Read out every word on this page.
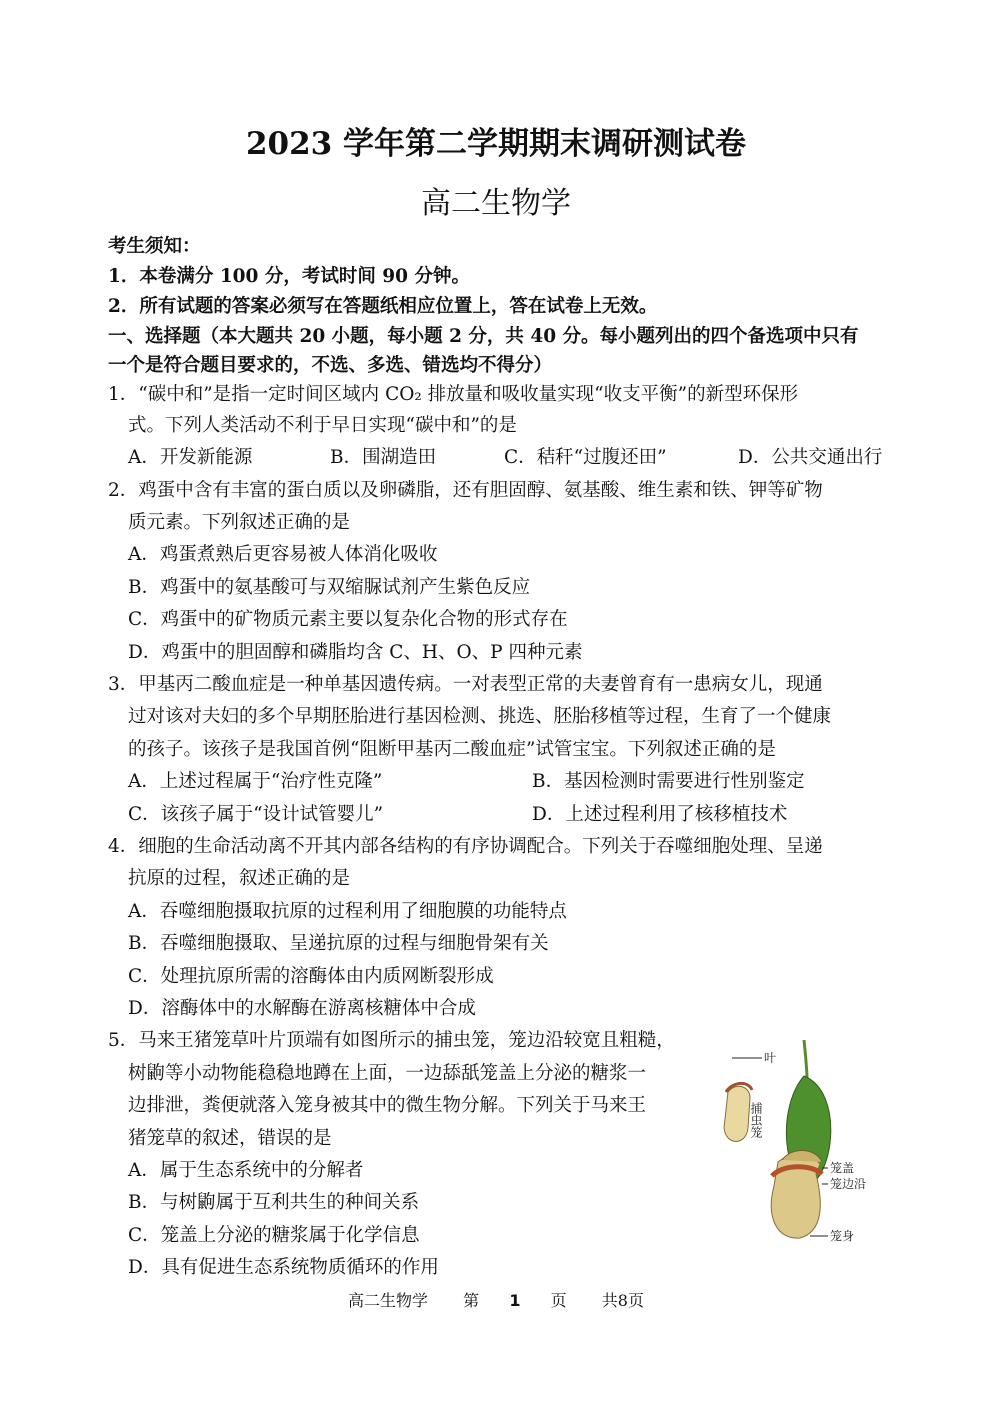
2023 学年第二学期期末调研测试卷
高二生物学
考生须知：
1．本卷满分 100 分，考试时间 90 分钟。
2．所有试题的答案必须写在答题纸相应位置上，答在试卷上无效。
一、选择题（本大题共 20 小题，每小题 2 分，共 40 分。每小题列出的四个备选项中只有
一个是符合题目要求的，不选、多选、错选均不得分）
1．“碳中和”是指一定时间区域内 CO₂ 排放量和吸收量实现“收支平衡”的新型环保形
式。下列人类活动不利于早日实现“碳中和”的是
A．开发新能源	B．围湖造田	C．秸秆“过腹还田”	D．公共交通出行
2．鸡蛋中含有丰富的蛋白质以及卵磷脂，还有胆固醇、氨基酸、维生素和铁、钾等矿物
质元素。下列叙述正确的是
A．鸡蛋煮熟后更容易被人体消化吸收
B．鸡蛋中的氨基酸可与双缩脲试剂产生紫色反应
C．鸡蛋中的矿物质元素主要以复杂化合物的形式存在
D．鸡蛋中的胆固醇和磷脂均含 C、H、O、P 四种元素
3．甲基丙二酸血症是一种单基因遗传病。一对表型正常的夫妻曾育有一患病女儿，现通
过对该对夫妇的多个早期胚胎进行基因检测、挑选、胚胎移植等过程，生育了一个健康
的孩子。该孩子是我国首例“阻断甲基丙二酸血症”试管宝宝。下列叙述正确的是
A．上述过程属于“治疗性克隆”	B．基因检测时需要进行性别鉴定
C．该孩子属于“设计试管婴儿”	D．上述过程利用了核移植技术
4．细胞的生命活动离不开其内部各结构的有序协调配合。下列关于吞噬细胞处理、呈递
抗原的过程，叙述正确的是
A．吞噬细胞摄取抗原的过程利用了细胞膜的功能特点
B．吞噬细胞摄取、呈递抗原的过程与细胞骨架有关
C．处理抗原所需的溶酶体由内质网断裂形成
D．溶酶体中的水解酶在游离核糖体中合成
5．马来王猪笼草叶片顶端有如图所示的捕虫笼，笼边沿较宽且粗糙，
树鼩等小动物能稳稳地蹲在上面，一边舔舐笼盖上分泌的糖浆一
边排泄，粪便就落入笼身被其中的微生物分解。下列关于马来王
猪笼草的叙述，错误的是
A．属于生态系统中的分解者
B．与树鼩属于互利共生的种间关系
C．笼盖上分泌的糖浆属于化学信息
D．具有促进生态系统物质循环的作用
叶
捕虫笼
笼盖
笼边沿
笼身
高二生物学 第 1 页 共8页
